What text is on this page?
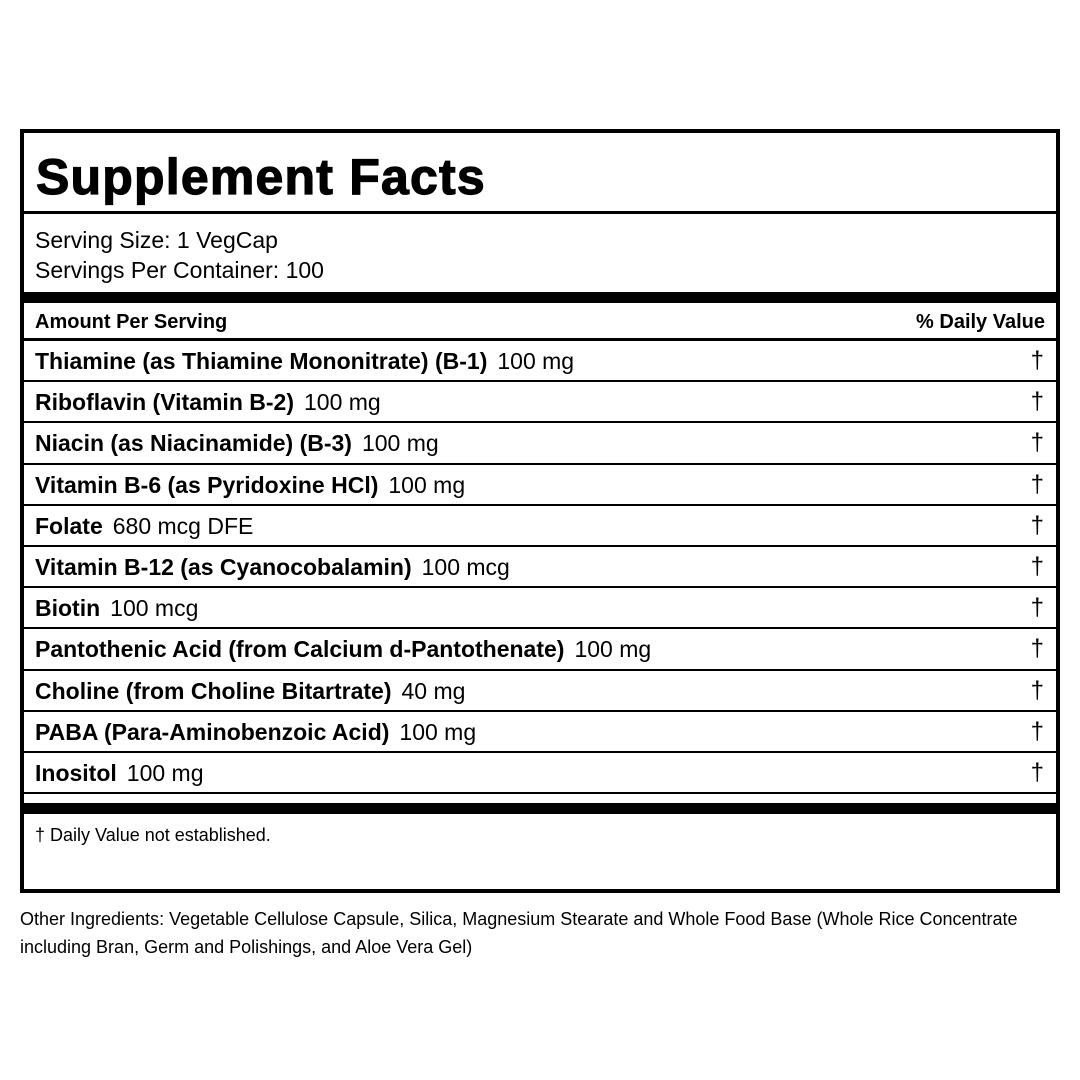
Supplement Facts
Serving Size: 1 VegCap
Servings Per Container: 100
Amount Per Serving	% Daily Value
Thiamine (as Thiamine Mononitrate) (B-1) 100 mg	†
Riboflavin (Vitamin B-2) 100 mg	†
Niacin (as Niacinamide) (B-3) 100 mg	†
Vitamin B-6 (as Pyridoxine HCl) 100 mg	†
Folate 680 mcg DFE	†
Vitamin B-12 (as Cyanocobalamin) 100 mcg	†
Biotin 100 mcg	†
Pantothenic Acid (from Calcium d-Pantothenate) 100 mg	†
Choline (from Choline Bitartrate) 40 mg	†
PABA (Para-Aminobenzoic Acid) 100 mg	†
Inositol 100 mg	†
† Daily Value not established.
Other Ingredients: Vegetable Cellulose Capsule, Silica, Magnesium Stearate and Whole Food Base (Whole Rice Concentrate including Bran, Germ and Polishings, and Aloe Vera Gel)
